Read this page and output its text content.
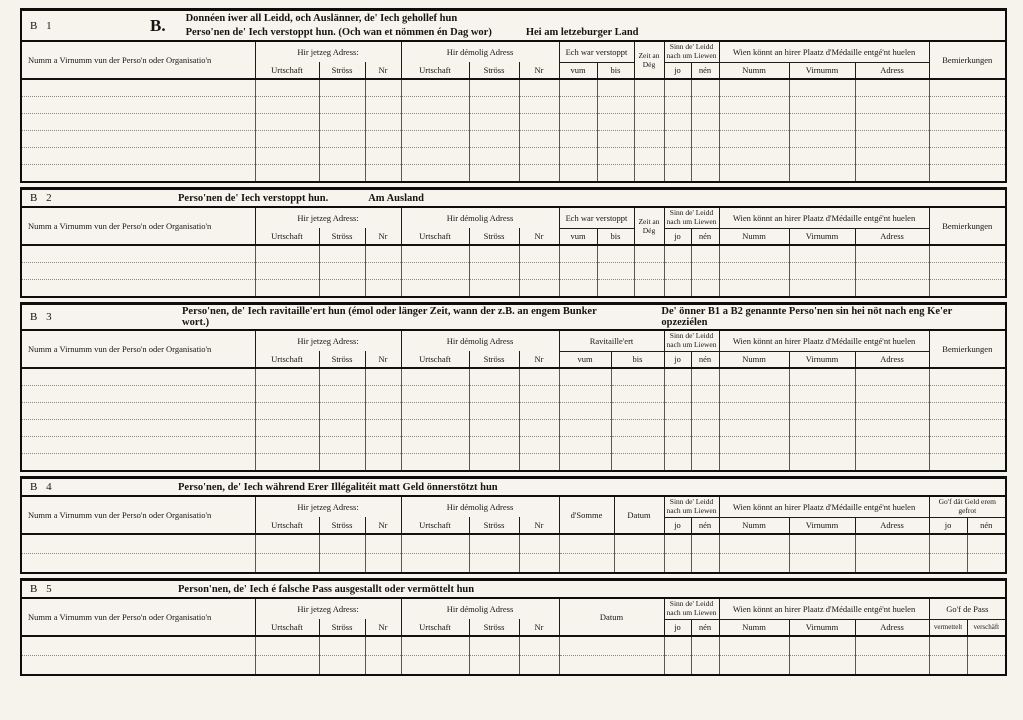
B 1	B. Donnéen iwer all Leidd, och Auslänner, de' Iech gehollef hun
Perso'nen de' Iech verstoppt hun. (Och wan et nömmen én Dag wor)	Hei am letzeburger Land
Numm a Virnumm vun der Perso'n oder Organisatio'n	Hir jetzeg Adress:			Hir démolig Adress			Ech war verstoppt		Zeit an Dég	Sinn de' Leidd nach um Liewen		Wien könnt an hirer Plaatz d'Médaille entgé'nt huelen			Bemierkungen
	Urtschaft	Ströss	Nr	Urtschaft	Ströss	Nr	vum	bis		jo	nén	Numm	Virnumm	Adress	

B 2	Perso'nen de' Iech verstoppt hun.	Am Ausland
Numm a Virnumm vun der Perso'n oder Organisatio'n	Hir jetzeg Adress:			Hir démolig Adress			Ech war verstoppt		Zeit an Dég	Sinn de' Leidd nach um Liewen		Wien könnt an hirer Plaatz d'Médaille entgé'nt huelen			Bemierkungen
	Urtschaft	Ströss	Nr	Urtschaft	Ströss	Nr	vum	bis		jo	nén	Numm	Virnumm	Adress	

B 3	Perso'nen, de' Iech ravitaille'ert hun (émol oder länger Zeit, wann der z.B. an engem Bunker wort.)
De' önner B1 a B2 genannte Perso'nen sin hei nöt nach eng Ke'er opzeziélen
Numm a Virnumm vun der Perso'n oder Organisatio'n	Hir jetzeg Adress:			Hir démolig Adress			Ravitaille'ert		Sinn de' Leidd nach um Liewen		Wien könnt an hirer Plaatz d'Médaille entgé'nt huelen			Bemierkungen
	Urtschaft	Ströss	Nr	Urtschaft	Ströss	Nr	vum	bis	jo	nén	Numm	Virnumm	Adress	

B 4	Perso'nen, de' Iech während Erer Illégalitéit matt Geld önnerstötzt hun
Numm a Virnumm vun der Perso'n oder Organisatio'n	Hir jetzeg Adress:			Hir démolig Adress			d'Somme	Datum	Sinn de' Leidd nach um Liewen		Wien könnt an hirer Plaatz d'Médaille entgé'nt huelen			Go'f dät Geld erem gefrot	
	Urtschaft	Ströss	Nr	Urtschaft	Ströss	Nr			jo	nén	Numm	Virnumm	Adress	jo	nén

B 5	Person'nen, de' Iech é falsche Pass ausgestallt oder vermöttelt hun
Numm a Virnumm vun der Perso'n oder Organisatio'n	Hir jetzeg Adress:			Hir démolig Adress			Datum	Sinn de' Leidd nach um Liewen		Wien könnt an hirer Plaatz d'Médaille entgé'nt huelen			Go'f de Pass	
	Urtschaft	Ströss	Nr	Urtschaft	Ströss	Nr		jo	nén	Numm	Virnumm	Adress	vermettelt	verschäft
